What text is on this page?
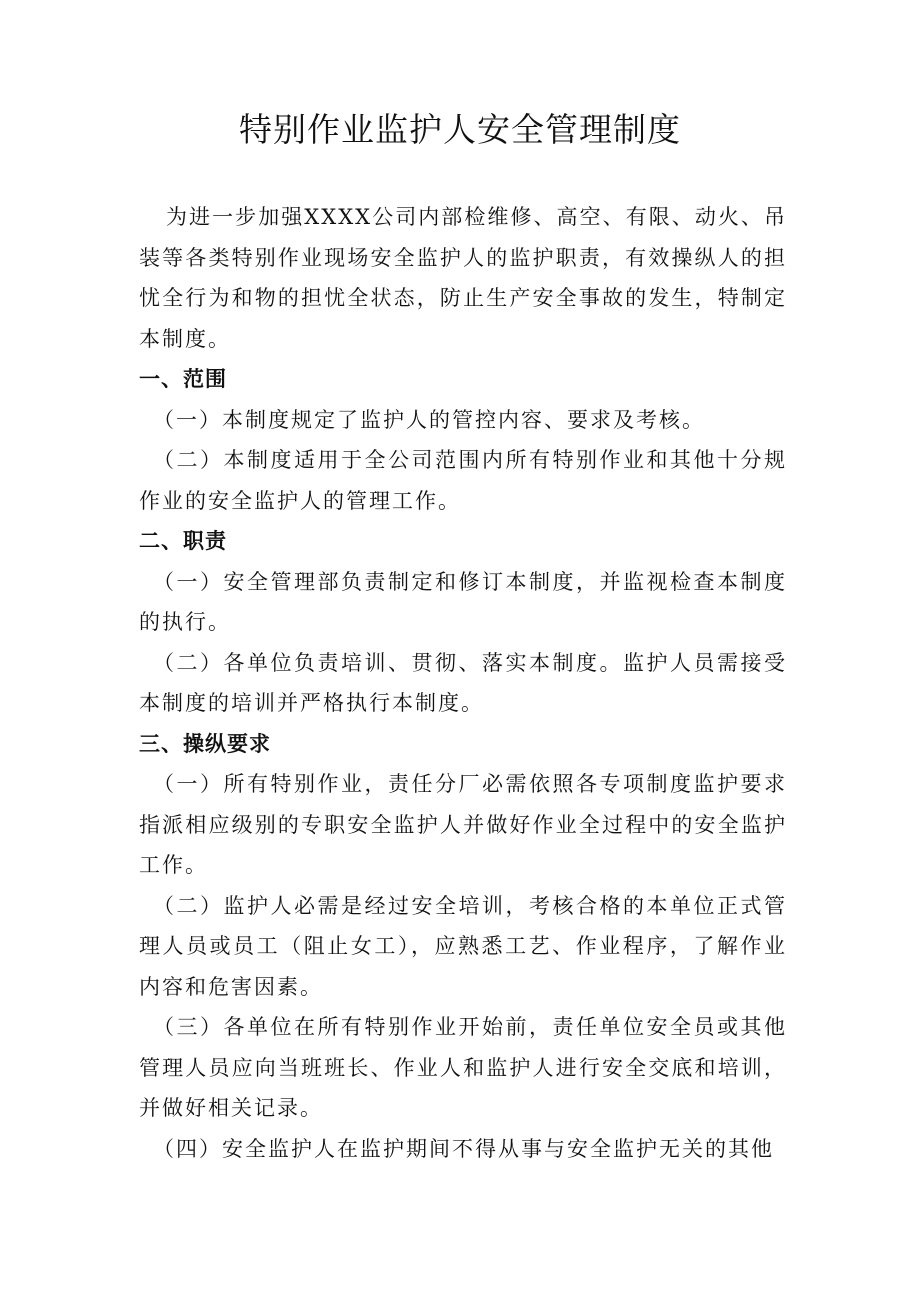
特别作业监护人安全管理制度

为进一步加强XXXX公司内部检维修、高空、有限、动火、吊装等各类特别作业现场安全监护人的监护职责，有效操纵人的担忧全行为和物的担忧全状态，防止生产安全事故的发生，特制定本制度。

一、范围

（一）本制度规定了监护人的管控内容、要求及考核。

（二）本制度适用于全公司范围内所有特别作业和其他十分规作业的安全监护人的管理工作。

二、职责

（一）安全管理部负责制定和修订本制度，并监视检查本制度的执行。

（二）各单位负责培训、贯彻、落实本制度。监护人员需接受本制度的培训并严格执行本制度。

三、操纵要求

（一）所有特别作业，责任分厂必需依照各专项制度监护要求指派相应级别的专职安全监护人并做好作业全过程中的安全监护工作。

（二）监护人必需是经过安全培训，考核合格的本单位正式管理人员或员工（阻止女工），应熟悉工艺、作业程序，了解作业内容和危害因素。

（三）各单位在所有特别作业开始前，责任单位安全员或其他管理人员应向当班班长、作业人和监护人进行安全交底和培训，并做好相关记录。

（四）安全监护人在监护期间不得从事与安全监护无关的其他
